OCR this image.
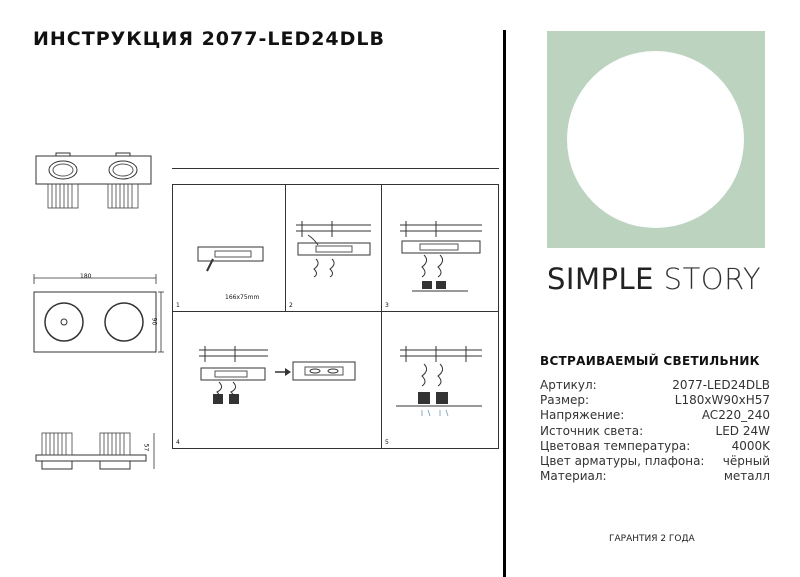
ИНСТРУКЦИЯ 2077-LED24DLB
180
90
57
166x75mm
1	2	3
4	5
SIMPLE STORY
ВСТРАИВАЕМЫЙ СВЕТИЛЬНИК
Артикул:	2077-LED24DLB
Размер:	L180xW90xH57
Напряжение:	AC220_240
Источник света:	LED 24W
Цветовая температура:	4000K
Цвет арматуры, плафона: чёрный
Материал:	металл
ГАРАНТИЯ 2 ГОДА
